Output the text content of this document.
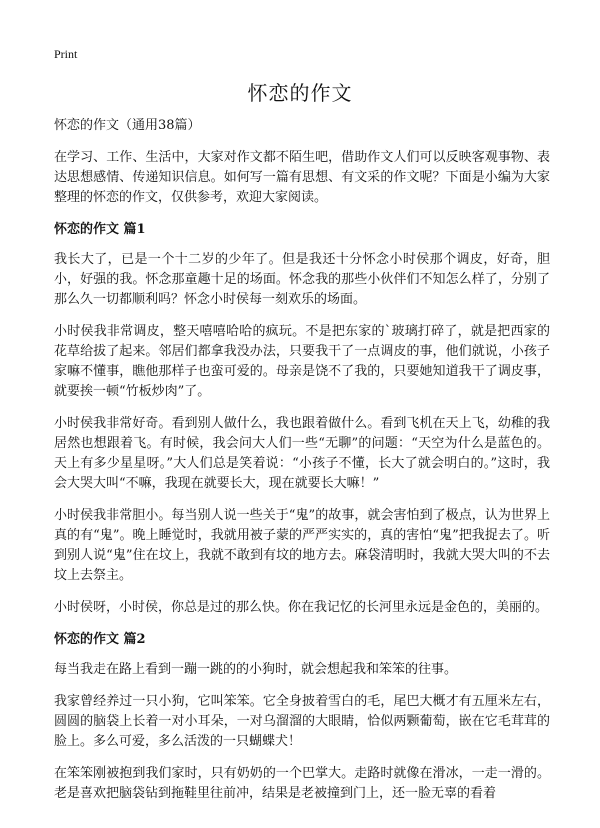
Print
怀恋的作文
怀恋的作文（通用38篇）

在学习、工作、生活中，大家对作文都不陌生吧，借助作文人们可以反映客观事物、表达思想感情、传递知识信息。如何写一篇有思想、有文采的作文呢？下面是小编为大家整理的怀恋的作文，仅供参考，欢迎大家阅读。

怀恋的作文 篇1

我长大了，已是一个十二岁的少年了。但是我还十分怀念小时侯那个调皮，好奇，胆小，好强的我。怀念那童趣十足的场面。怀念我的那些小伙伴们不知怎么样了，分别了那么久一切都顺利吗？怀念小时侯每一刻欢乐的场面。

小时侯我非常调皮，整天嘻嘻哈哈的疯玩。不是把东家的`玻璃打碎了，就是把西家的花草给拔了起来。邻居们都拿我没办法，只要我干了一点调皮的事，他们就说，小孩子家嘛不懂事，瞧他那样子也蛮可爱的。母亲是饶不了我的，只要她知道我干了调皮事，就要挨一顿“竹板炒肉”了。

小时侯我非常好奇。看到别人做什么，我也跟着做什么。看到飞机在天上飞，幼稚的我居然也想跟着飞。有时候，我会问大人们一些“无聊”的问题：“天空为什么是蓝色的。天上有多少星星呀。”大人们总是笑着说：“小孩子不懂，长大了就会明白的。”这时，我会大哭大叫“不嘛，我现在就要长大，现在就要长大嘛！”

小时侯我非常胆小。每当别人说一些关于“鬼”的故事，就会害怕到了极点，认为世界上真的有“鬼”。晚上睡觉时，我就用被子蒙的严严实实的，真的害怕“鬼”把我捉去了。听到别人说“鬼”住在坟上，我就不敢到有坟的地方去。麻袋清明时，我就大哭大叫的不去坟上去祭主。

小时侯呀，小时侯，你总是过的那么快。你在我记忆的长河里永远是金色的，美丽的。

怀恋的作文 篇2

每当我走在路上看到一蹦一跳的的小狗时，就会想起我和笨笨的往事。

我家曾经养过一只小狗，它叫笨笨。它全身披着雪白的毛，尾巴大概才有五厘米左右，圆圆的脑袋上长着一对小耳朵，一对乌溜溜的大眼睛，恰似两颗葡萄，嵌在它毛茸茸的脸上。多么可爱，多么活泼的一只蝴蝶犬！

在笨笨刚被抱到我们家时，只有奶奶的一个巴掌大。走路时就像在滑冰，一走一滑的。老是喜欢把脑袋钻到拖鞋里往前冲，结果是老被撞到门上，还一脸无辜的看着
